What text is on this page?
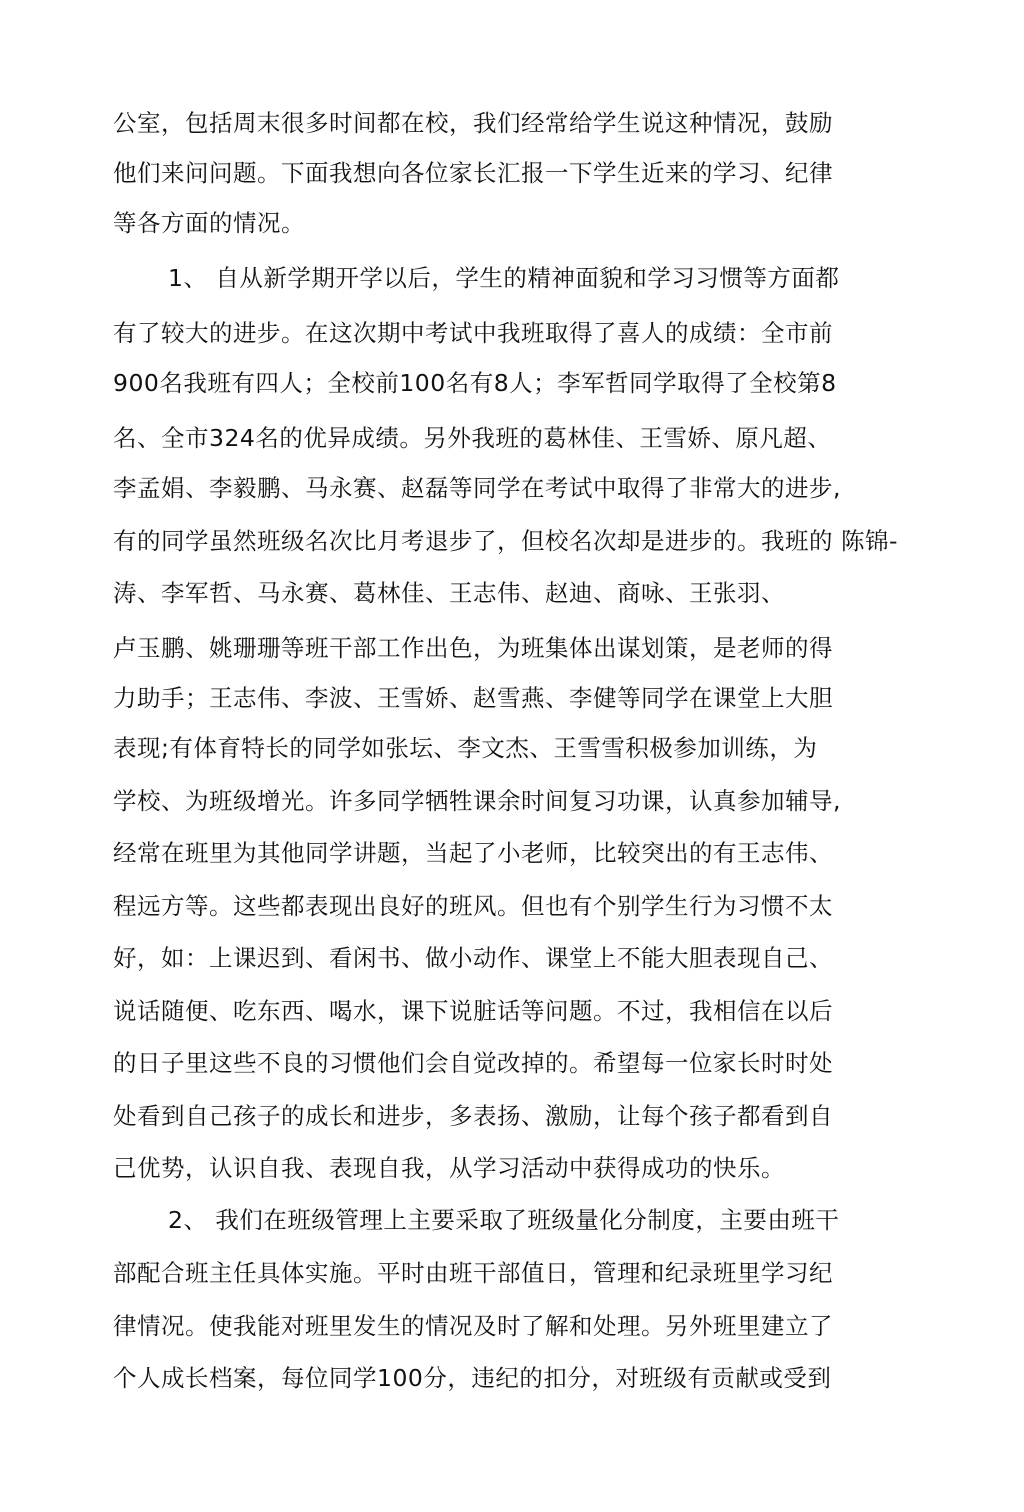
公室，包括周末很多时间都在校，我们经常给学生说这种情况，鼓励
他们来问问题。下面我想向各位家长汇报一下学生近来的学习、纪律
等各方面的情况。
1、 自从新学期开学以后，学生的精神面貌和学习习惯等方面都
有了较大的进步。在这次期中考试中我班取得了喜人的成绩：全市前
900名我班有四人；全校前100名有8人；李军哲同学取得了全校第8
名、全市324名的优异成绩。另外我班的葛林佳、王雪娇、原凡超、
李孟娟、李毅鹏、马永赛、赵磊等同学在考试中取得了非常大的进步,
有的同学虽然班级名次比月考退步了，但校名次却是进步的。我班的 陈锦-
涛、李军哲、马永赛、葛林佳、王志伟、赵迪、商咏、王张羽、
卢玉鹏、姚珊珊等班干部工作出色，为班集体出谋划策，是老师的得
力助手；王志伟、李波、王雪娇、赵雪燕、李健等同学在课堂上大胆
表现;有体育特长的同学如张坛、李文杰、王雪雪积极参加训练，为
学校、为班级增光。许多同学牺牲课余时间复习功课，认真参加辅导,
经常在班里为其他同学讲题，当起了小老师，比较突出的有王志伟、
程远方等。这些都表现出良好的班风。但也有个别学生行为习惯不太
好，如：上课迟到、看闲书、做小动作、课堂上不能大胆表现自己、
说话随便、吃东西、喝水，课下说脏话等问题。不过，我相信在以后
的日子里这些不良的习惯他们会自觉改掉的。希望每一位家长时时处
处看到自己孩子的成长和进步，多表扬、激励，让每个孩子都看到自
己优势，认识自我、表现自我，从学习活动中获得成功的快乐。
2、 我们在班级管理上主要采取了班级量化分制度，主要由班干
部配合班主任具体实施。平时由班干部值日，管理和纪录班里学习纪
律情况。使我能对班里发生的情况及时了解和处理。另外班里建立了
个人成长档案，每位同学100分，违纪的扣分，对班级有贡献或受到
